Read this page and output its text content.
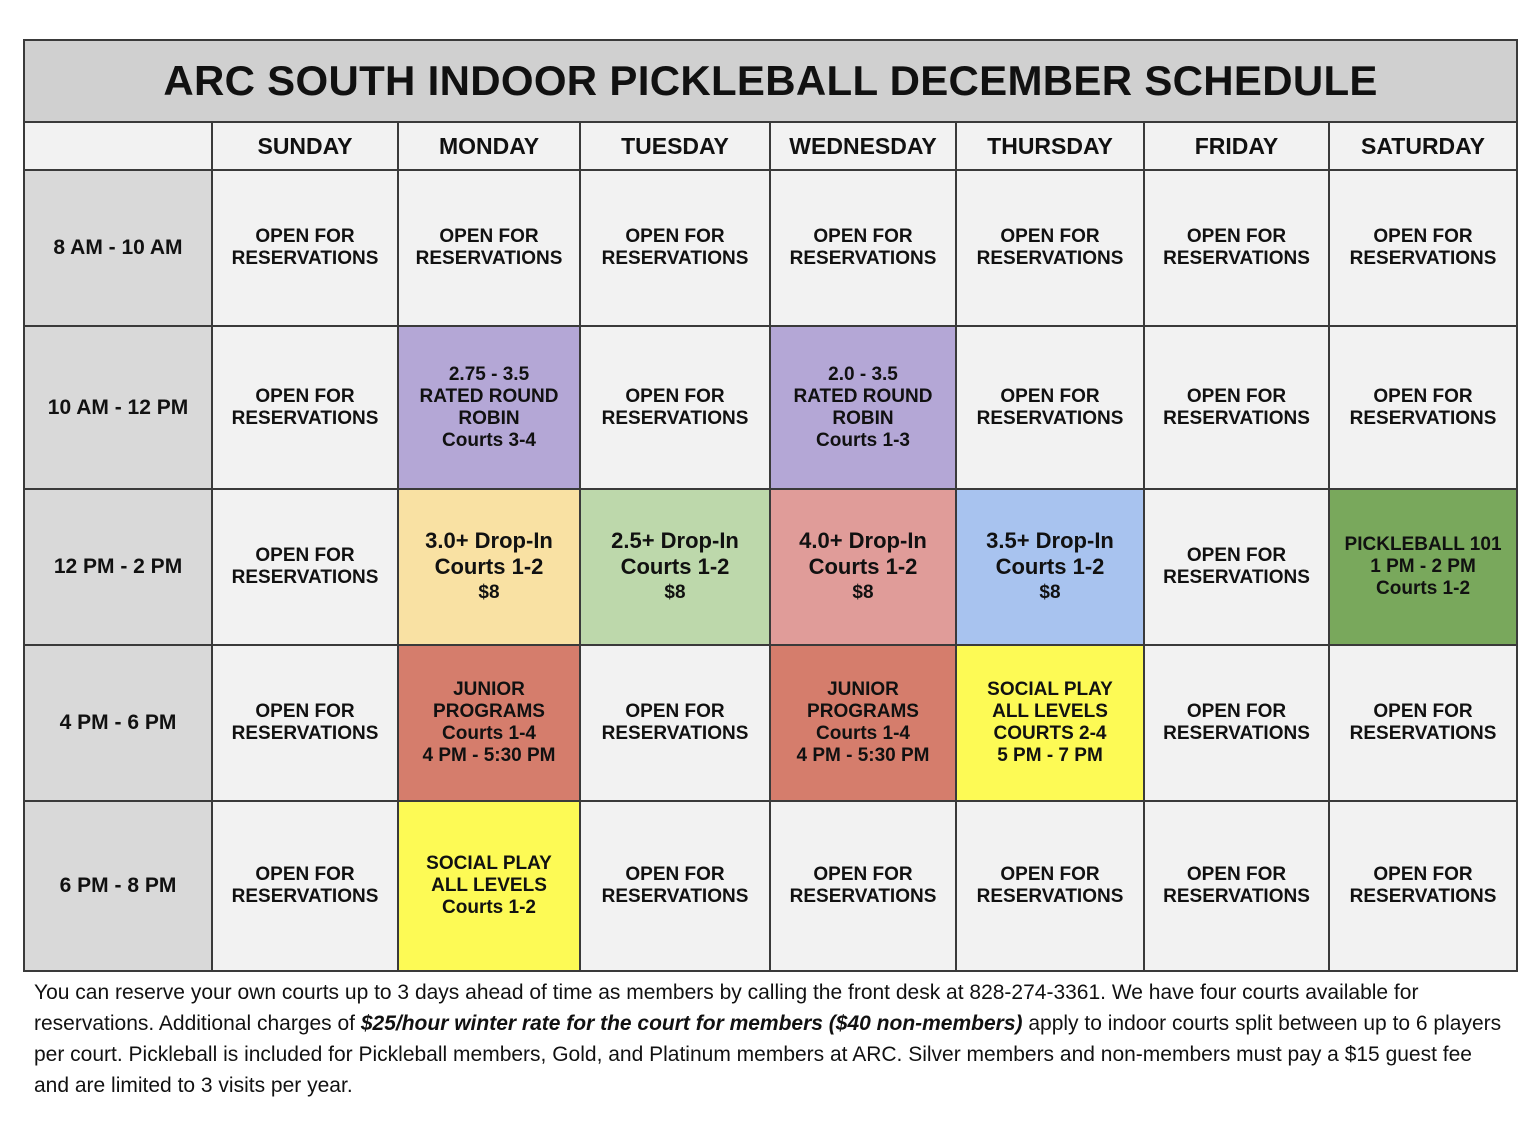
ARC SOUTH INDOOR PICKLEBALL DECEMBER SCHEDULE							
	SUNDAY	MONDAY	TUESDAY	WEDNESDAY	THURSDAY	FRIDAY	SATURDAY
8 AM - 10 AM	OPEN FOR
RESERVATIONS	OPEN FOR
RESERVATIONS	OPEN FOR
RESERVATIONS	OPEN FOR
RESERVATIONS	OPEN FOR
RESERVATIONS	OPEN FOR
RESERVATIONS	OPEN FOR
RESERVATIONS

10 AM - 12 PM	OPEN FOR
RESERVATIONS	2.75 - 3.5
RATED ROUND
ROBIN
Courts 3-4	OPEN FOR
RESERVATIONS	2.0 - 3.5
RATED ROUND
ROBIN
Courts 1-3	OPEN FOR
RESERVATIONS	OPEN FOR
RESERVATIONS	OPEN FOR
RESERVATIONS

12 PM - 2 PM	OPEN FOR
RESERVATIONS	3.0+ Drop-In
Courts 1-2
$8	2.5+ Drop-In
Courts 1-2
$8	4.0+ Drop-In
Courts 1-2
$8	3.5+ Drop-In
Courts 1-2
$8	OPEN FOR
RESERVATIONS	PICKLEBALL 101
1 PM - 2 PM
Courts 1-2

4 PM - 6 PM	OPEN FOR
RESERVATIONS	JUNIOR
PROGRAMS
Courts 1-4
4 PM - 5:30 PM	OPEN FOR
RESERVATIONS	JUNIOR
PROGRAMS
Courts 1-4
4 PM - 5:30 PM	SOCIAL PLAY
ALL LEVELS
COURTS 2-4
5 PM - 7 PM	OPEN FOR
RESERVATIONS	OPEN FOR
RESERVATIONS

6 PM - 8 PM	OPEN FOR
RESERVATIONS	SOCIAL PLAY
ALL LEVELS
Courts 1-2	OPEN FOR
RESERVATIONS	OPEN FOR
RESERVATIONS	OPEN FOR
RESERVATIONS	OPEN FOR
RESERVATIONS	OPEN FOR
RESERVATIONS
You can reserve your own courts up to 3 days ahead of time as members by calling the front desk at 828-274-3361. We have four courts available for reservations. Additional charges of $25/hour winter rate for the court for members ($40 non-members) apply to indoor courts split between up to 6 players per court. Pickleball is included for Pickleball members, Gold, and Platinum members at ARC. Silver members and non-members must pay a $15 guest fee and are limited to 3 visits per year.
